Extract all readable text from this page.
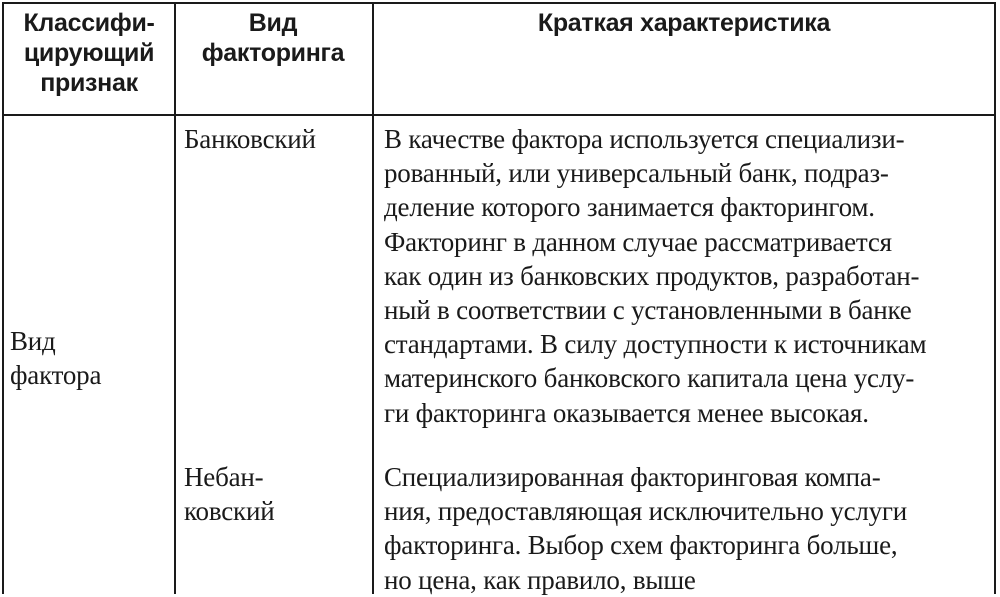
Классифи-
цирующий
признак
Вид
факторинга
Краткая характеристика
Вид
фактора
Банковский	В качестве фактора используется специализи-
рованный, или универсальный банк, подраз-
деление которого занимается факторингом.
Факторинг в данном случае рассматривается
как один из банковских продуктов, разработан-
ный в соответствии с установленными в банке
стандартами. В силу доступности к источникам
материнского банковского капитала цена услу-
ги факторинга оказывается менее высокая.
Небан-
ковский
Специализированная факторинговая компа-
ния, предоставляющая исключительно услуги
факторинга. Выбор схем факторинга больше,
но цена, как правило, выше
